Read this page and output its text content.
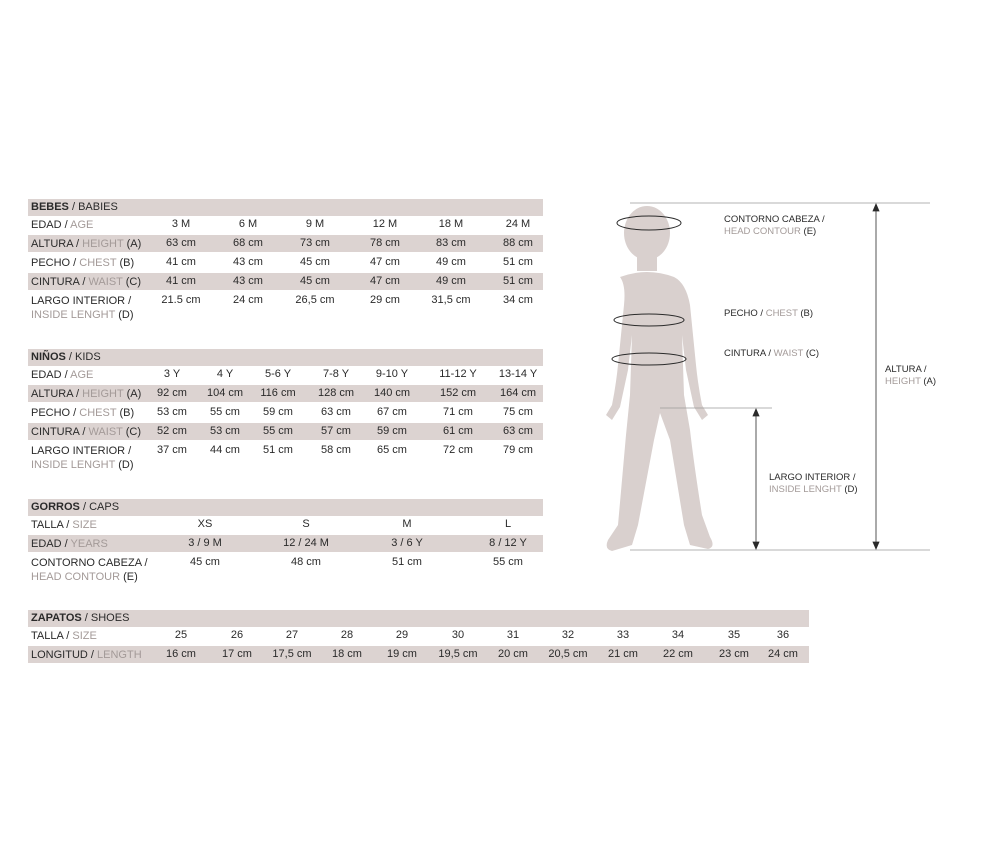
BEBES / BABIES
EDAD / AGE	3 M	6 M	9 M	12 M	18 M	24 M
ALTURA / HEIGHT (A) 63 cm	68 cm	73 cm	78 cm	83 cm	88 cm
PECHO / CHEST (B)	41 cm	43 cm	45 cm	47 cm	49 cm	51 cm
CINTURA / WAIST (C) 41 cm	43 cm	45 cm	47 cm	49 cm	51 cm
LARGO INTERIOR /
INSIDE LENGHT (D)
21.5 cm	24 cm	26,5 cm	29 cm	31,5 cm	34 cm
NIÑOS / KIDS
EDAD / AGE	3 Y	4 Y	5-6 Y	7-8 Y 9-10 Y	11-12 Y 13-14 Y
ALTURA / HEIGHT (A) 92 cm 104 cm 116 cm 128 cm 140 cm	152 cm 164 cm
PECHO / CHEST (B) 53 cm 55 cm 59 cm	63 cm 67 cm	71 cm	75 cm
CINTURA / WAIST (C) 52 cm 53 cm 55 cm	57 cm 59 cm	61 cm	63 cm
LARGO INTERIOR /
INSIDE LENGHT (D)
37 cm 44 cm 51 cm	58 cm 65 cm	72 cm	79 cm
GORROS / CAPS
TALLA / SIZE	XS	S	M	L
EDAD / YEARS	3 / 9 M	12 / 24 M	3 / 6 Y	8 / 12 Y
CONTORNO CABEZA /
HEAD CONTOUR (E)
45 cm	48 cm	51 cm	55 cm
ZAPATOS / SHOES
TALLA / SIZE	25	26	27	28	29	30	31	32	33	34	35	36
LONGITUD / LENGTH 16 cm 17 cm 17,5 cm 18 cm 19 cm 19,5 cm 20 cm 20,5 cm 21 cm 22 cm 23 cm 24 cm
CONTORNO CABEZA /
HEAD CONTOUR (E)
PECHO / CHEST (B)
CINTURA / WAIST (C)
ALTURA /
HEIGHT (A)
LARGO INTERIOR /
INSIDE LENGHT (D)
